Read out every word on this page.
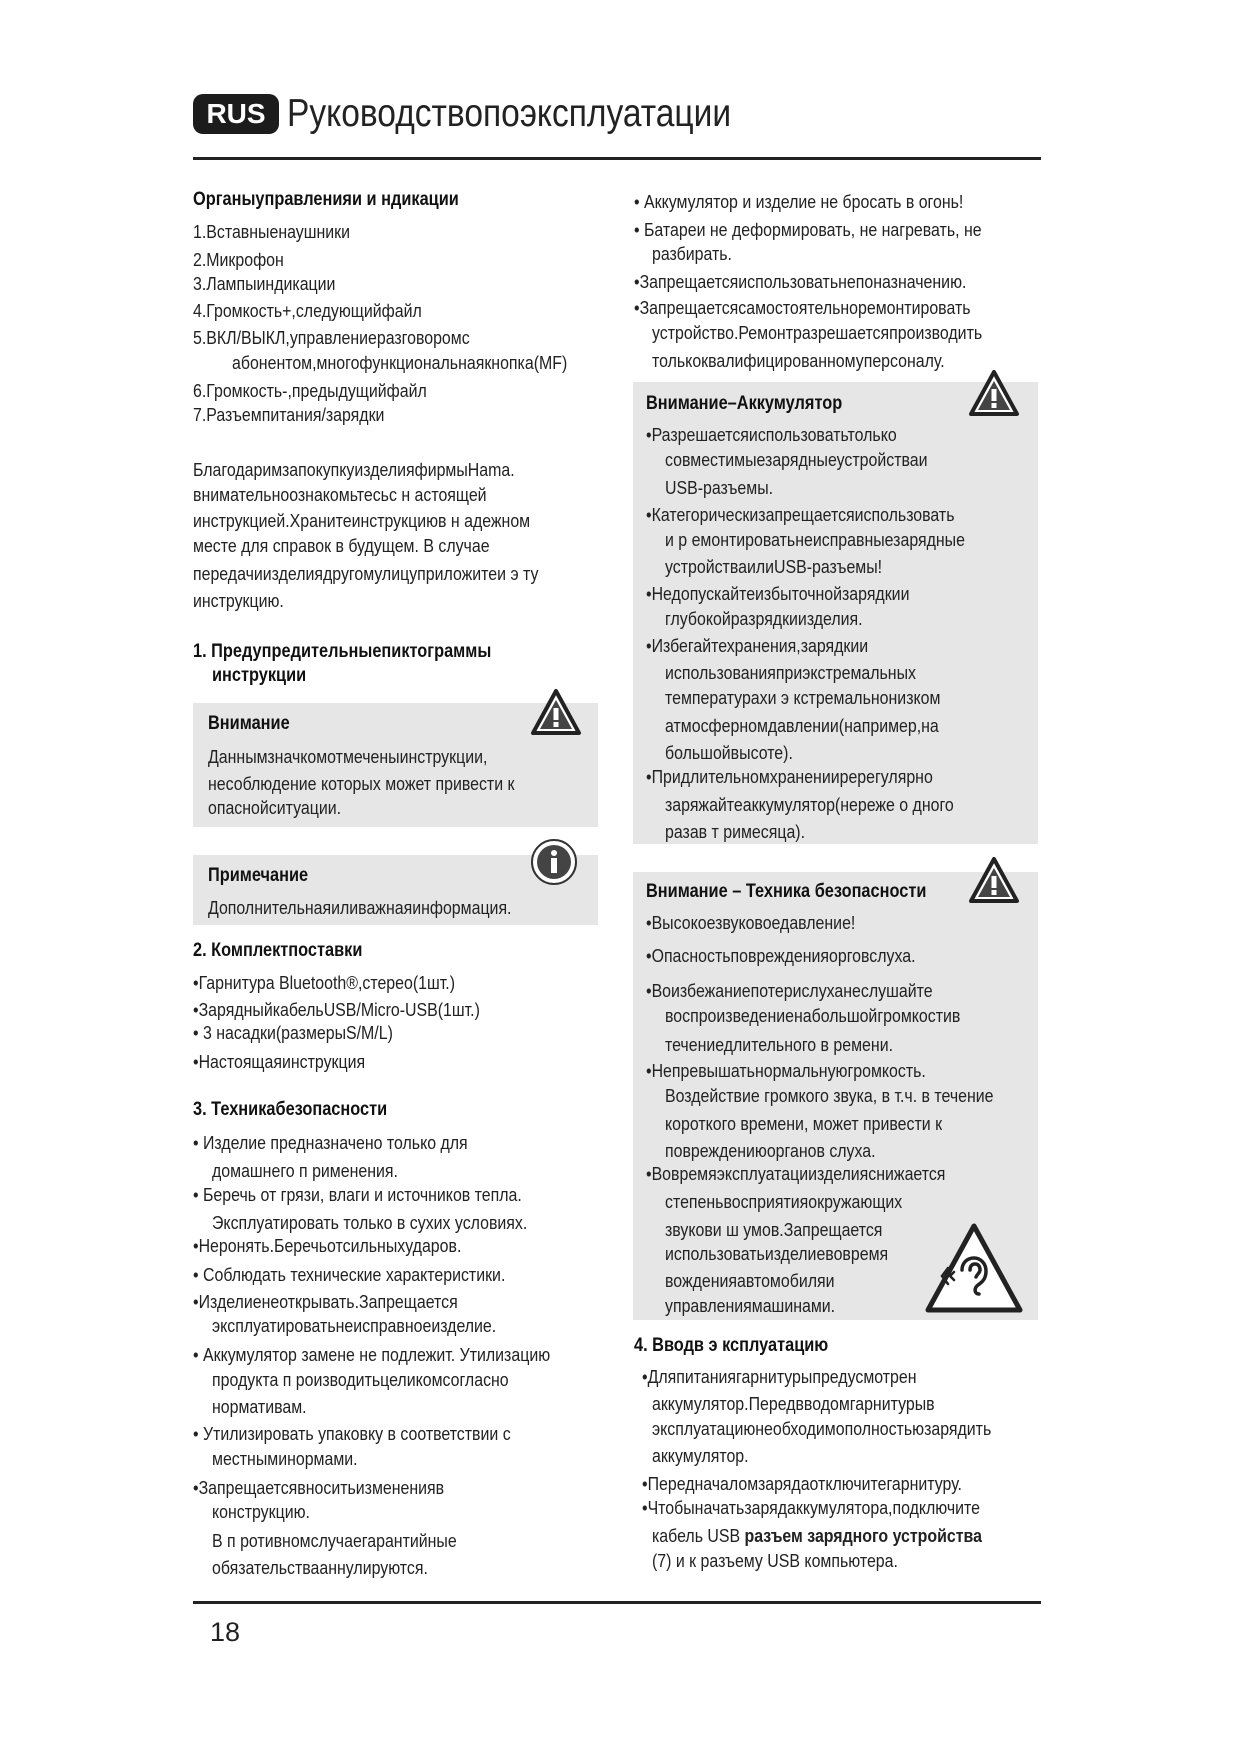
RUS Руководствопоэксплуатации
Органыуправленияи и ндикации
1.Вставныенаушники
2.Микрофон
3.Лампыиндикации
4.Громкость+,следующийфайл
5.ВКЛ/ВЫКЛ,управлениеразговоромс
абонентом,многофункциональнаякнопка(MF)
6.Громкость-,предыдущийфайл
7.Разъемпитания/зарядки
БлагодаримзапокупкуизделияфирмыHama.
внимательноознакомьтесьс н астоящей
инструкцией.Хранитеинструкциюв н адежном
месте для справок в будущем. В случае
передачиизделиядругомулицуприложитеи э ту
инструкцию.
1. Предупредительныепиктограммы
инструкции
Внимание
Даннымзначкомотмеченыинструкции,
несоблюдение которых может привести к
опаснойситуации.
Примечание
Дополнительнаяиливажнаяинформация.
2. Комплектпоставки
•Гарнитура Bluetooth®,стерео(1шт.)
•ЗарядныйкабельUSB/Micro-USB(1шт.)
• 3 насадки(размерыS/M/L)
•Настоящаяинструкция
3. Техникабезопасности
• Изделие предназначено только для
домашнего п рименения.
• Беречь от грязи, влаги и источников тепла.
Эксплуатировать только в сухих условиях.
•Неронять.Беречьотсильныхударов.
• Соблюдать технические характеристики.
•Изделиенеоткрывать.Запрещается
эксплуатироватьнеисправноеизделие.
• Аккумулятор замене не подлежит. Утилизацию
продукта п роизводитьцеликомсогласно
нормативам.
• Утилизировать упаковку в соответствии с
местныминормами.
•Запрещаетсявноситьизмененияв
конструкцию.
В п ротивномслучаегарантийные
обязательствааннулируются.
• Аккумулятор и изделие не бросать в огонь!
• Батареи не деформировать, не нагревать, не
разбирать.
•Запрещаетсяиспользоватьнепоназначению.
•Запрещаетсясамостоятельноремонтировать
устройство.Ремонтразрешаетсяпроизводить
толькоквалифицированномуперсоналу.
Внимание–Аккумулятор
•Разрешаетсяиспользоватьтолько
совместимыезарядныеустройстваи
USB-разъемы.
•Категорическизапрещаетсяиспользовать
и р емонтироватьнеисправныезарядные
устройстваилиUSB-разъемы!
•Недопускайтеизбыточнойзарядкии
глубокойразрядкиизделия.
•Избегайтехранения,зарядкии
использованияприэкстремальных
температурахи э кстремальнонизком
атмосферномдавлении(например,на
большойвысоте).
•Придлительномхраненииререгулярно
заряжайтеаккумулятор(нереже о дного
разав т римесяца).
Внимание – Техника безопасности
•Высокоезвуковоедавление!
•Опасностьповрежденияорговслуха.
•Воизбежаниепотерислуханеслушайте
воспроизведениенабольшойгромкостив
течениедлительного в ремени.
•Непревышатьнормальнуюгромкость.
Воздействие громкого звука, в т.ч. в течение
короткого времени, может привести к
повреждениюорганов слуха.
•Вовремяэксплуатациизделияснижается
степеньвосприятияокружающих
звукови ш умов.Запрещается
использоватьизделиевовремя
вожденияавтомобиляи
управлениямашинами.
4. Вводв э ксплуатацию
•Дляпитаниягарнитурыпредусмотрен
аккумулятор.Передвводомгарнитурыв
эксплуатациюнеобходимополностьюзарядить
аккумулятор.
•Передначаломзарядаотключитегарнитуру.
•Чтобыначатьзарядаккумулятора,подключите
кабель USB разъем зарядного устройства
(7) и к разъему USB компьютера.
18
